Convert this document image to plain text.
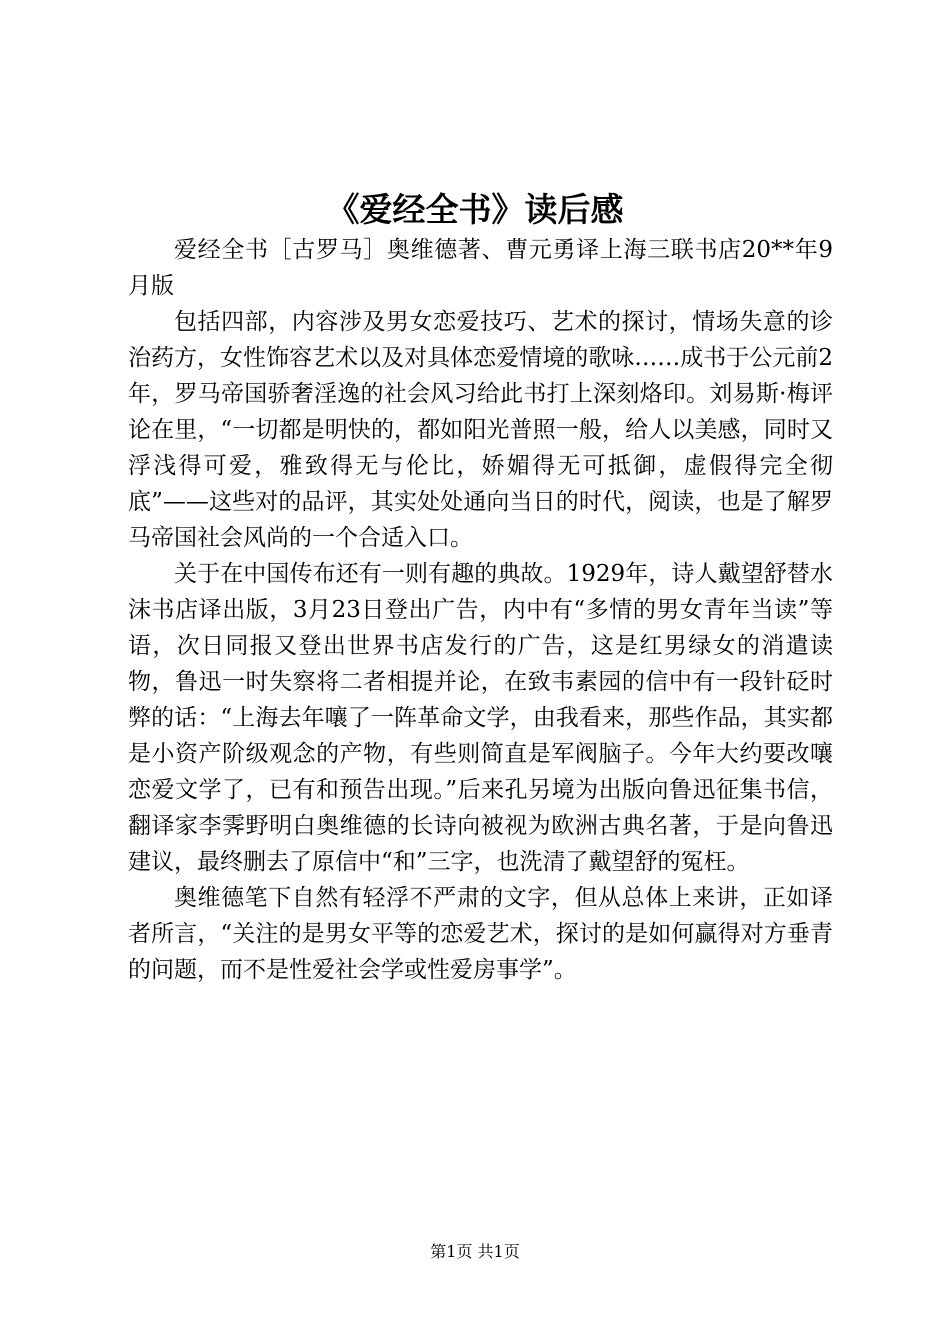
《爱经全书》读后感

爱经全书［古罗马］奥维德著、曹元勇译上海三联书店20**年9月版

包括四部，内容涉及男女恋爱技巧、艺术的探讨，情场失意的诊治药方，女性饰容艺术以及对具体恋爱情境的歌咏……成书于公元前2年，罗马帝国骄奢淫逸的社会风习给此书打上深刻烙印。刘易斯·梅评论在里，“一切都是明快的，都如阳光普照一般，给人以美感，同时又浮浅得可爱，雅致得无与伦比，娇媚得无可抵御，虚假得完全彻底”——这些对的品评，其实处处通向当日的时代，阅读，也是了解罗马帝国社会风尚的一个合适入口。

关于在中国传布还有一则有趣的典故。1929年，诗人戴望舒替水沫书店译出版，3月23日登出广告，内中有“多情的男女青年当读”等语，次日同报又登出世界书店发行的广告，这是红男绿女的消遣读物，鲁迅一时失察将二者相提并论，在致韦素园的信中有一段针砭时弊的话：“上海去年嚷了一阵革命文学，由我看来，那些作品，其实都是小资产阶级观念的产物，有些则简直是军阀脑子。今年大约要改嚷恋爱文学了，已有和预告出现。”后来孔另境为出版向鲁迅征集书信，翻译家李霁野明白奥维德的长诗向被视为欧洲古典名著，于是向鲁迅建议，最终删去了原信中“和”三字，也洗清了戴望舒的冤枉。

奥维德笔下自然有轻浮不严肃的文字，但从总体上来讲，正如译者所言，“关注的是男女平等的恋爱艺术，探讨的是如何赢得对方垂青的问题，而不是性爱社会学或性爱房事学”。

第1页 共1页
